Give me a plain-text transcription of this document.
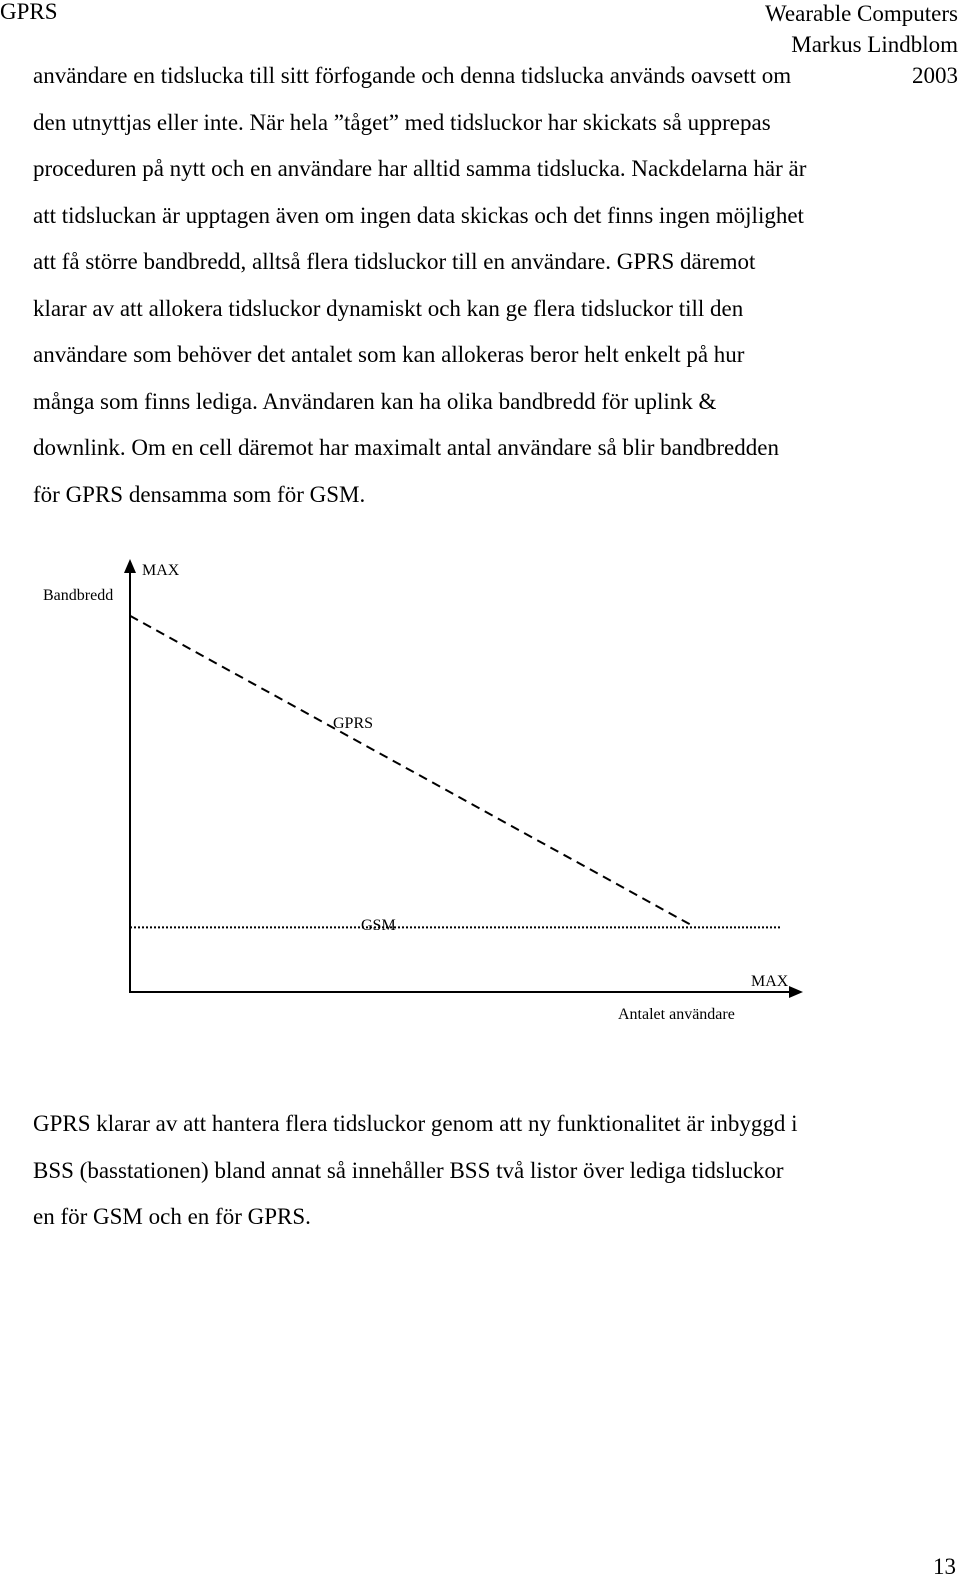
GPRS	Wearable Computers
Markus Lindblom
2003
användare en tidslucka till sitt förfogande och denna tidslucka används oavsett om
den utnyttjas eller inte. När hela ”tåget” med tidsluckor har skickats så upprepas
proceduren på nytt och en användare har alltid samma tidslucka. Nackdelarna här är
att tidsluckan är upptagen även om ingen data skickas och det finns ingen möjlighet
att få större bandbredd, alltså flera tidsluckor till en användare. GPRS däremot
klarar av att allokera tidsluckor dynamiskt och kan ge flera tidsluckor till den
användare som behöver det antalet som kan allokeras beror helt enkelt på hur
många som finns lediga. Användaren kan ha olika bandbredd för uplink &
downlink. Om en cell däremot har maximalt antal användare så blir bandbredden
för GPRS densamma som för GSM.
Bandbredd
MAX
GPRS
GSM
MAX
Antalet användare
GPRS klarar av att hantera flera tidsluckor genom att ny funktionalitet är inbyggd i
BSS (basstationen) bland annat så innehåller BSS två listor över lediga tidsluckor
en för GSM och en för GPRS.
13
